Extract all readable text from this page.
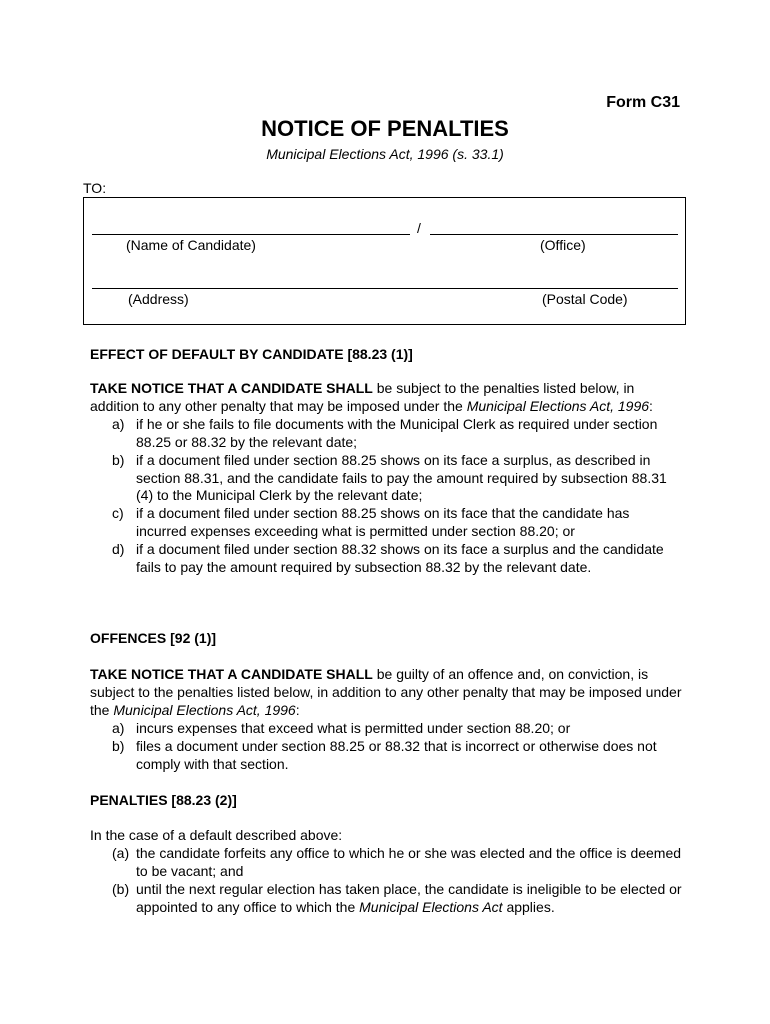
Form C31
NOTICE OF PENALTIES
Municipal Elections Act, 1996 (s. 33.1)
TO:
/
(Name of Candidate)	(Office)
(Address)	(Postal Code)
EFFECT OF DEFAULT BY CANDIDATE [88.23 (1)]

TAKE NOTICE THAT A CANDIDATE SHALL be subject to the penalties listed below, in addition to any other penalty that may be imposed under the Municipal Elections Act, 1996:

a) if he or she fails to file documents with the Municipal Clerk as required under section 88.25 or 88.32 by the relevant date;
b) if a document filed under section 88.25 shows on its face a surplus, as described in section 88.31, and the candidate fails to pay the amount required by subsection 88.31 (4) to the Municipal Clerk by the relevant date;
c) if a document filed under section 88.25 shows on its face that the candidate has incurred expenses exceeding what is permitted under section 88.20; or
d) if a document filed under section 88.32 shows on its face a surplus and the candidate fails to pay the amount required by subsection 88.32 by the relevant date.
OFFENCES [92 (1)]

TAKE NOTICE THAT A CANDIDATE SHALL be guilty of an offence and, on conviction, is subject to the penalties listed below, in addition to any other penalty that may be imposed under the Municipal Elections Act, 1996:

a) incurs expenses that exceed what is permitted under section 88.20; or
b) files a document under section 88.25 or 88.32 that is incorrect or otherwise does not comply with that section.
PENALTIES [88.23 (2)]

In the case of a default described above:

(a) the candidate forfeits any office to which he or she was elected and the office is deemed to be vacant; and
(b) until the next regular election has taken place, the candidate is ineligible to be elected or appointed to any office to which the Municipal Elections Act applies.
